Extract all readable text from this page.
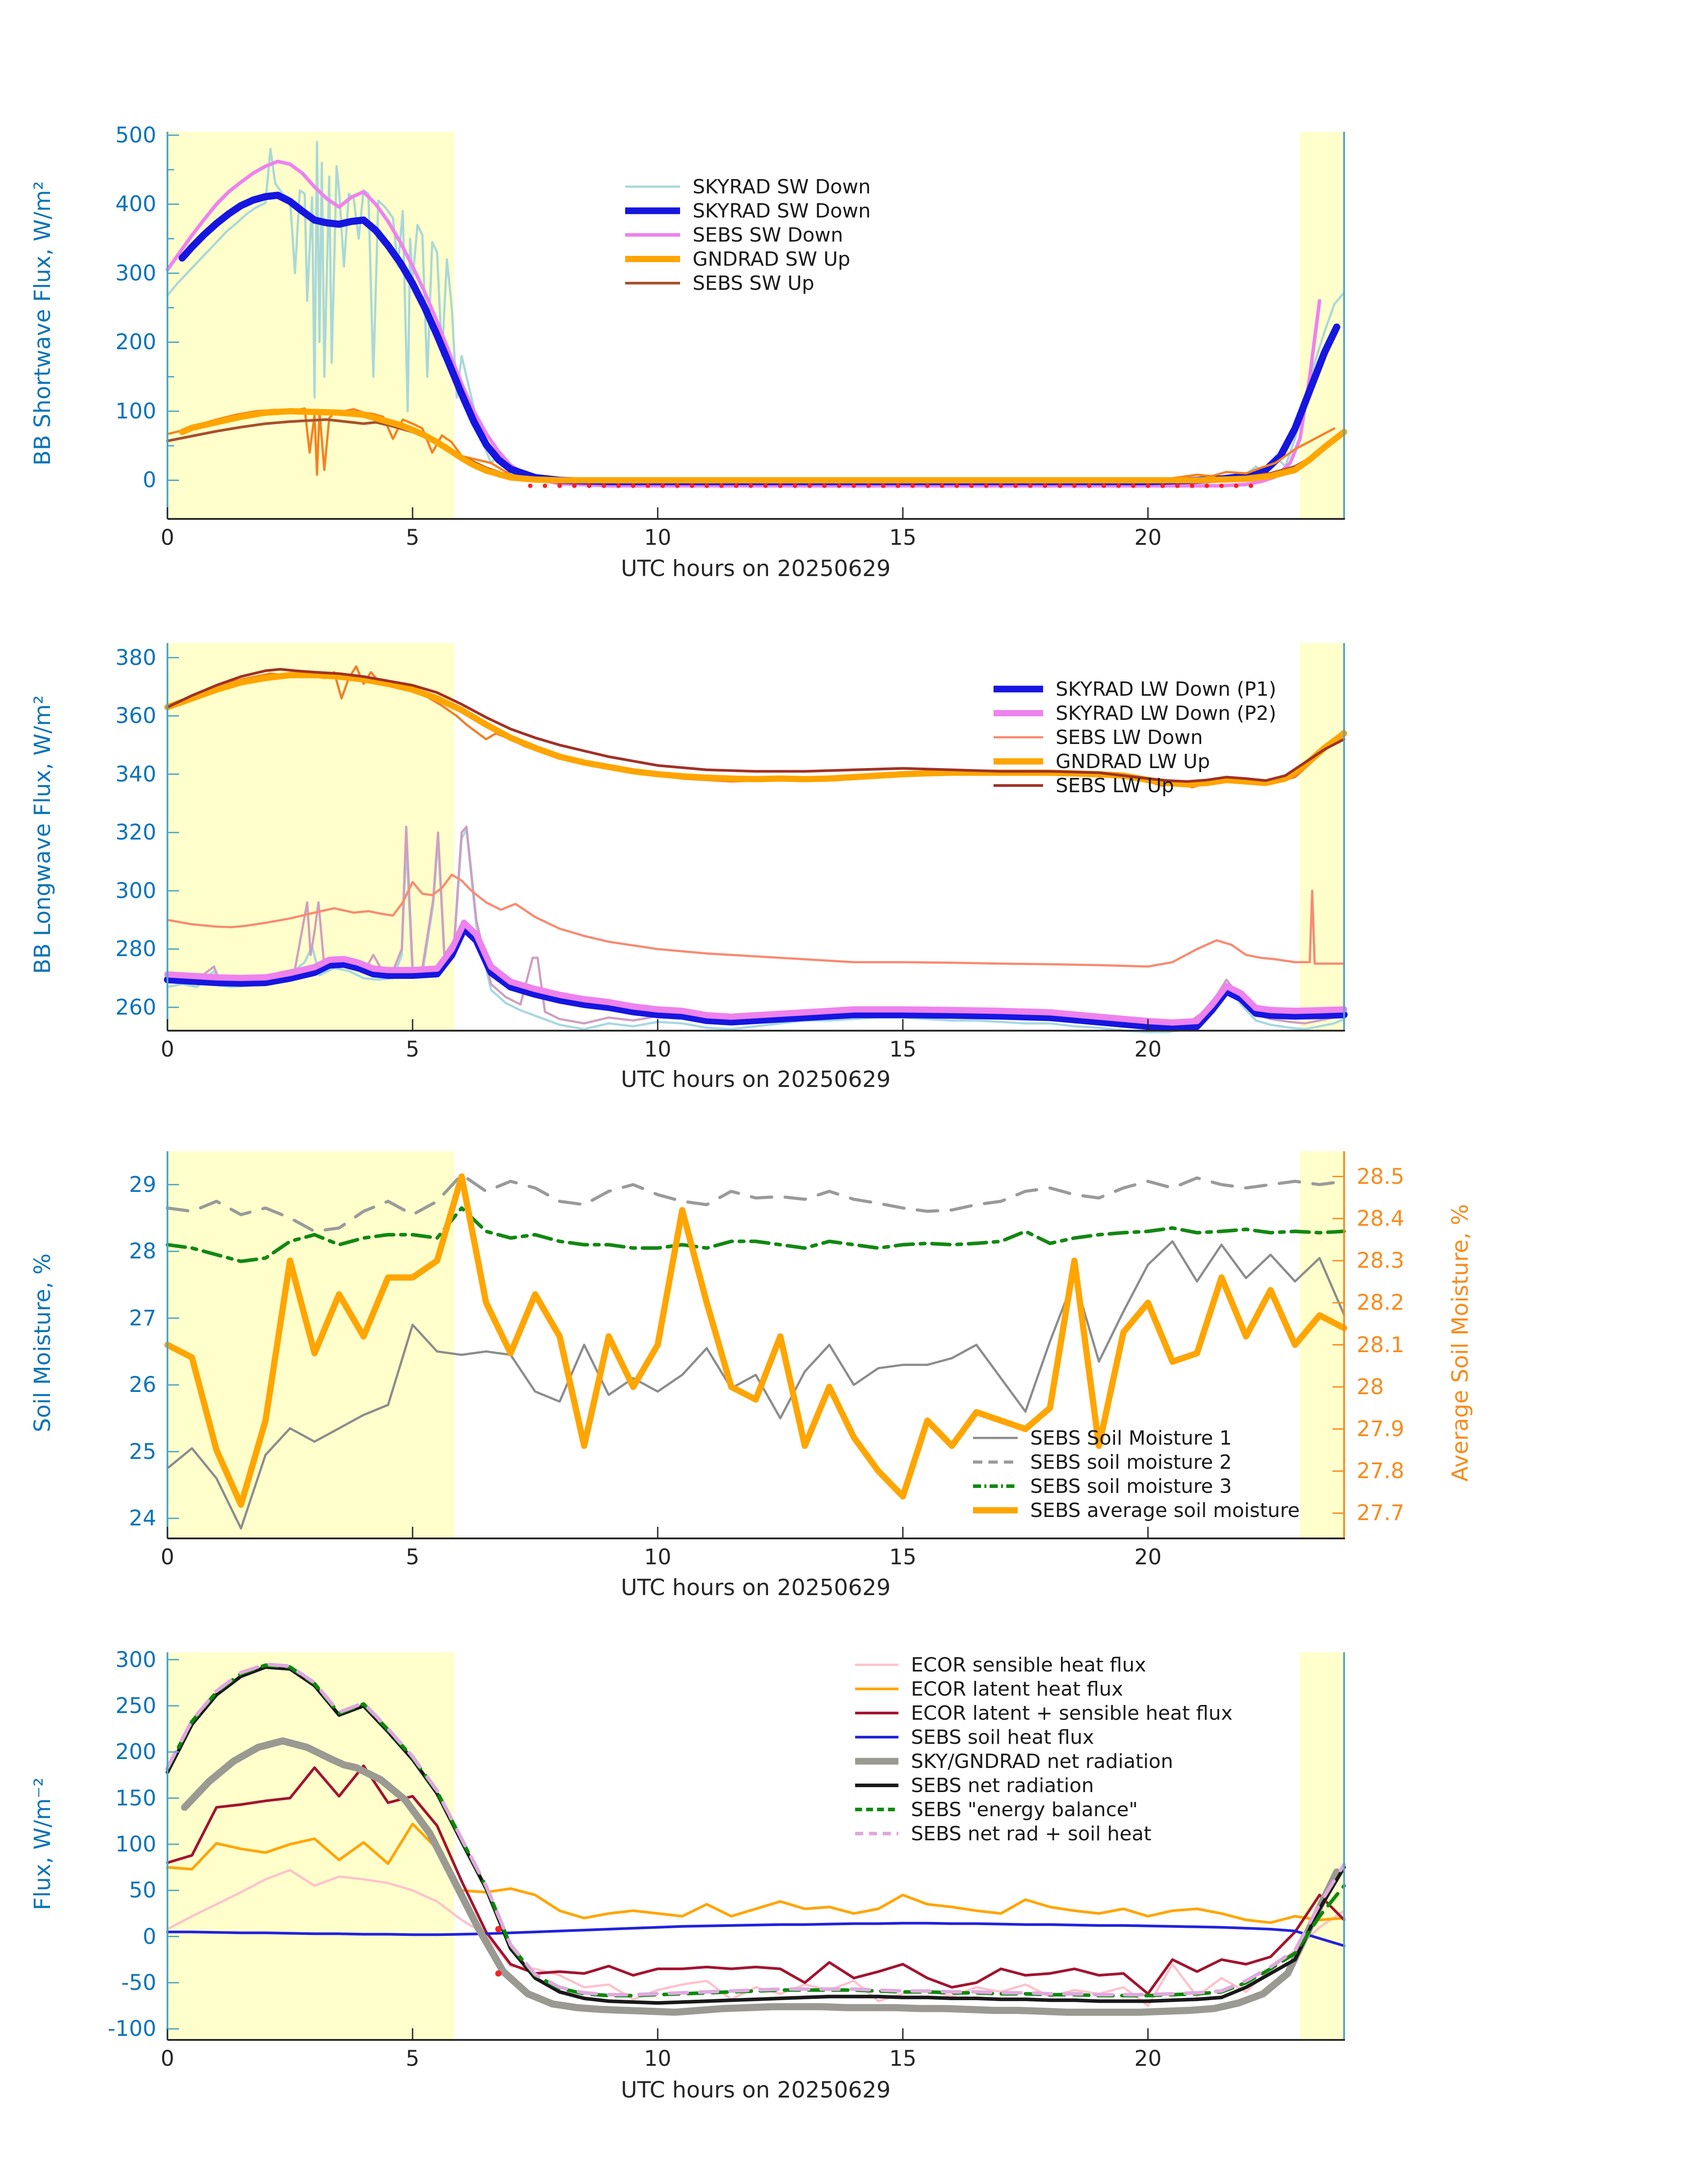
BB Shortwave Flux, W/m²
UTC hours on 20250629
0	5	10	15	20
0
100
200
300
400
500
SKYRAD SW Down
SKYRAD SW Down
SEBS SW Down
GNDRAD SW Up
SEBS SW Up
BB Longwave Flux, W/m²
UTC hours on 20250629
0	5	10	15	20
260
280
300
320
340
360
380
SKYRAD LW Down (P1)
SKYRAD LW Down (P2)
SEBS LW Down
GNDRAD LW Up
SEBS LW Up
Soil Moisture, %	Average Soil Moisture, %
UTC hours on 20250629
0	5	10	15	20
24
25
26
27
28
29
27.7
27.8
27.9
28
28.1
28.2
28.3
28.4
28.5
SEBS Soil Moisture 1
SEBS soil moisture 2
SEBS soil moisture 3
SEBS average soil moisture
Flux, W/m⁻²
UTC hours on 20250629
0	5	10	15	20
-100
-50
0
50
100
150
200
250
300	ECOR sensible heat flux
ECOR latent heat flux
ECOR latent + sensible heat flux
SEBS soil heat flux
SKY/GNDRAD net radiation
SEBS net radiation
SEBS "energy balance"
SEBS net rad + soil heat
